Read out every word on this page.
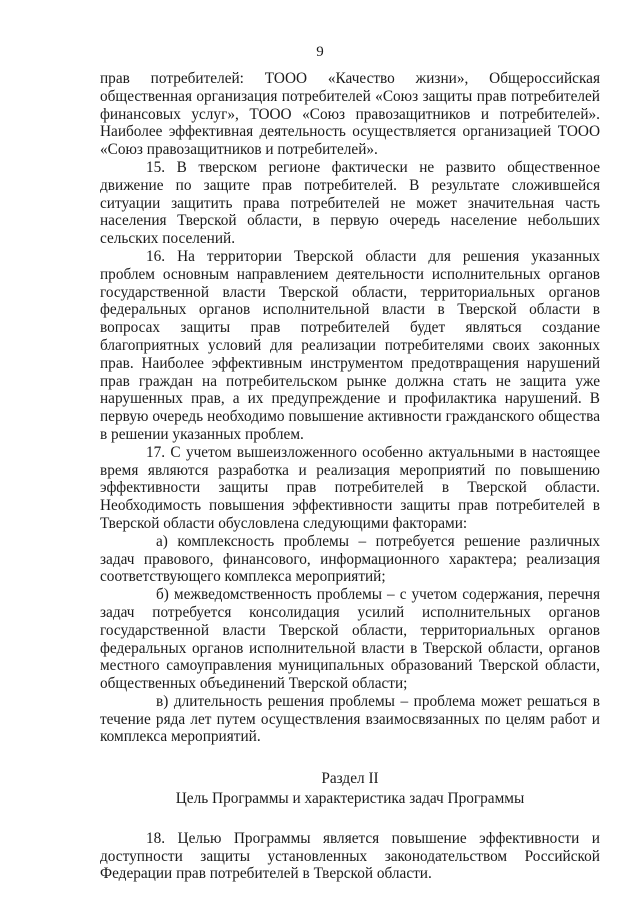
9

прав потребителей: ТООО «Качество жизни», Общероссийская общественная организация потребителей «Союз защиты прав потребителей финансовых услуг», ТООО «Союз правозащитников и потребителей». Наиболее эффективная деятельность осуществляется организацией ТООО «Союз правозащитников и потребителей».

15. В тверском регионе фактически не развито общественное движение по защите прав потребителей. В результате сложившейся ситуации защитить права потребителей не может значительная часть населения Тверской области, в первую очередь население небольших сельских поселений.

16. На территории Тверской области для решения указанных проблем основным направлением деятельности исполнительных органов государственной власти Тверской области, территориальных органов федеральных органов исполнительной власти в Тверской области в вопросах защиты прав потребителей будет являться создание благоприятных условий для реализации потребителями своих законных прав. Наиболее эффективным инструментом предотвращения нарушений прав граждан на потребительском рынке должна стать не защита уже нарушенных прав, а их предупреждение и профилактика нарушений. В первую очередь необходимо повышение активности гражданского общества в решении указанных проблем.

17. С учетом вышеизложенного особенно актуальными в настоящее время являются разработка и реализация мероприятий по повышению эффективности защиты прав потребителей в Тверской области. Необходимость повышения эффективности защиты прав потребителей в Тверской области обусловлена следующими факторами:

а) комплексность проблемы – потребуется решение различных задач правового, финансового, информационного характера; реализация соответствующего комплекса мероприятий;

б) межведомственность проблемы – с учетом содержания, перечня задач потребуется консолидация усилий исполнительных органов государственной власти Тверской области, территориальных органов федеральных органов исполнительной власти в Тверской области, органов местного самоуправления муниципальных образований Тверской области, общественных объединений Тверской области;

в) длительность решения проблемы – проблема может решаться в течение ряда лет путем осуществления взаимосвязанных по целям работ и комплекса мероприятий.

Раздел II

Цель Программы и характеристика задач Программы

18. Целью Программы является повышение эффективности и доступности защиты установленных законодательством Российской Федерации прав потребителей в Тверской области.
